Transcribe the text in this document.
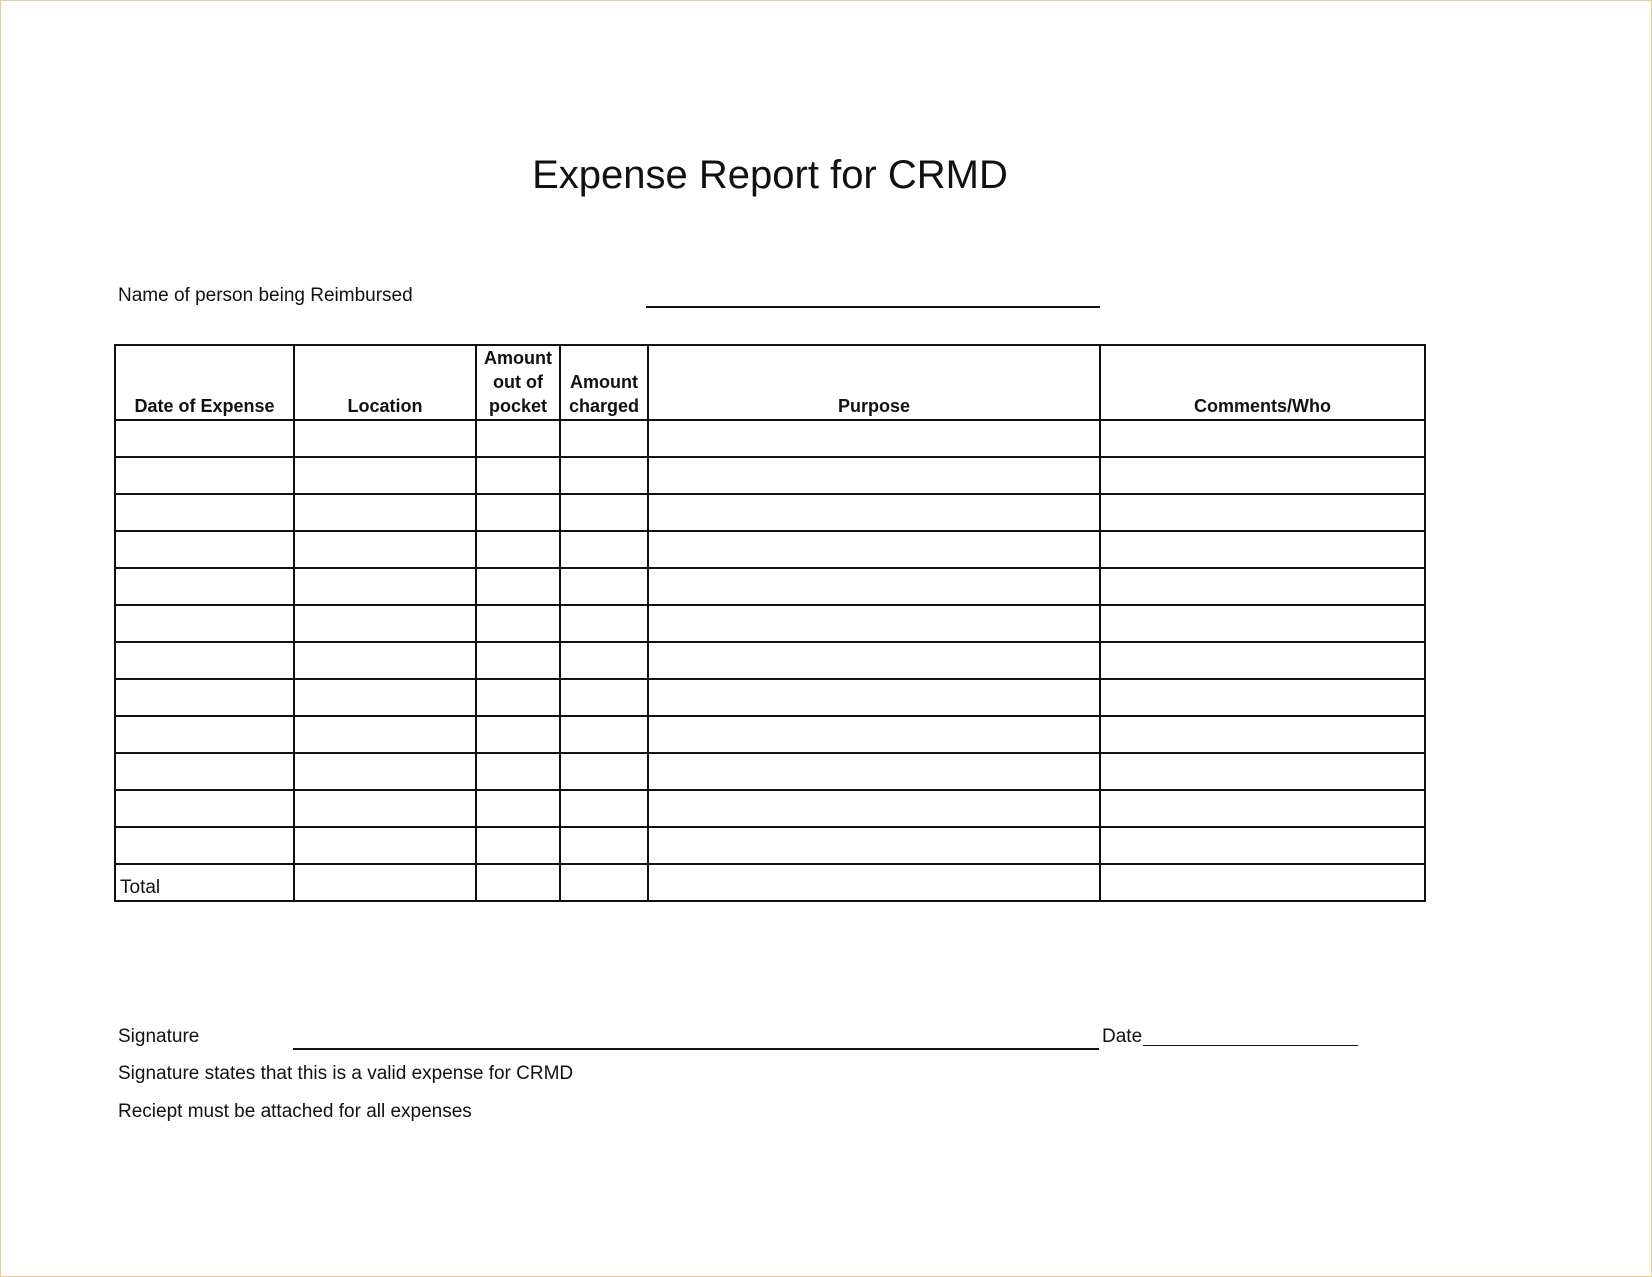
Expense Report for CRMD
Name of person being Reimbursed
Date of Expense	Location	Amount out of pocket	Amount charged	Purpose	Comments/Who

Total					
Signature	Date
Signature states that this is a valid expense for CRMD
Reciept must be attached for all expenses
